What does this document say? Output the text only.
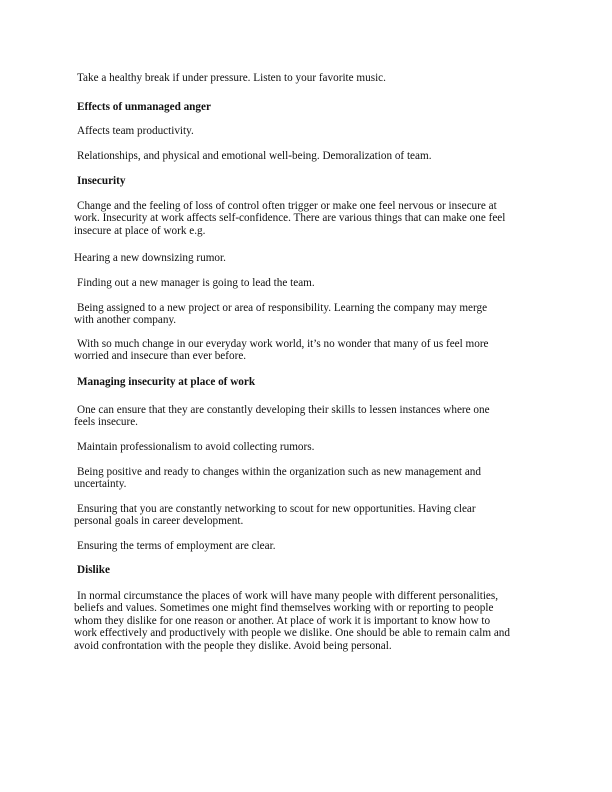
Take a healthy break if under pressure. Listen to your favorite music.
Effects of unmanaged anger
Affects team productivity.
Relationships, and physical and emotional well-being. Demoralization of team.
Insecurity
Change and the feeling of loss of control often trigger or make one feel nervous or insecure at
work. Insecurity at work affects self-confidence. There are various things that can make one feel
insecure at place of work e.g.
Hearing a new downsizing rumor.
Finding out a new manager is going to lead the team.
Being assigned to a new project or area of responsibility. Learning the company may merge
with another company.
With so much change in our everyday work world, it’s no wonder that many of us feel more
worried and insecure than ever before.
Managing insecurity at place of work
One can ensure that they are constantly developing their skills to lessen instances where one
feels insecure.
Maintain professionalism to avoid collecting rumors.
Being positive and ready to changes within the organization such as new management and
uncertainty.
Ensuring that you are constantly networking to scout for new opportunities. Having clear
personal goals in career development.
Ensuring the terms of employment are clear.
Dislike
In normal circumstance the places of work will have many people with different personalities,
beliefs and values. Sometimes one might find themselves working with or reporting to people
whom they dislike for one reason or another. At place of work it is important to know how to
work effectively and productively with people we dislike. One should be able to remain calm and
avoid confrontation with the people they dislike. Avoid being personal.
